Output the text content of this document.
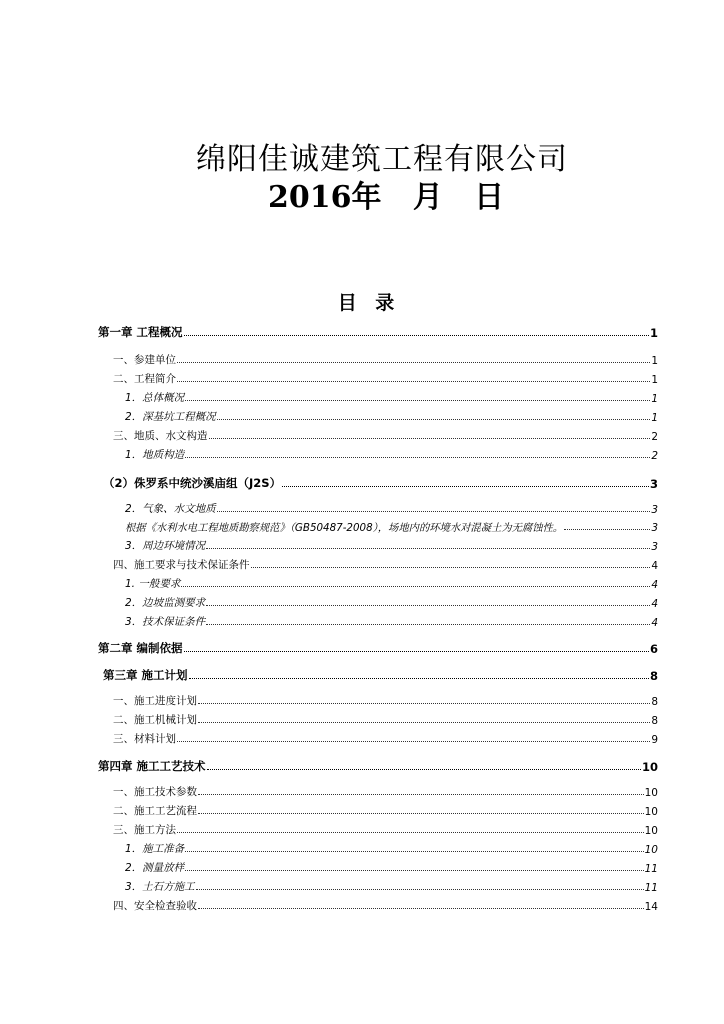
绵阳佳诚建筑工程有限公司
2016年   月   日
目 录
第一章 工程概况	1
一、参建单位	1
二、工程简介	1
1．总体概况	1
2．深基坑工程概况	1
三、地质、水文构造	2
1．地质构造	2
（2）侏罗系中统沙溪庙组（J2S）	3
2．气象、水文地质	3
根据《水利水电工程地质勘察规范》（GB50487-2008），场地内的环境水对混凝土为无腐蚀性。	3
3．周边环境情况	3
四、施工要求与技术保证条件	4
1. 一般要求	4
2．边坡监测要求	4
3．技术保证条件	4
第二章 编制依据	6
第三章 施工计划	8
一、施工进度计划	8
二、施工机械计划	8
三、材料计划	9
第四章 施工工艺技术	10
一、施工技术参数	10
二、施工工艺流程	10
三、施工方法	10
1．施工准备	10
2．测量放样	11
3．土石方施工	11
四、安全检查验收	14
